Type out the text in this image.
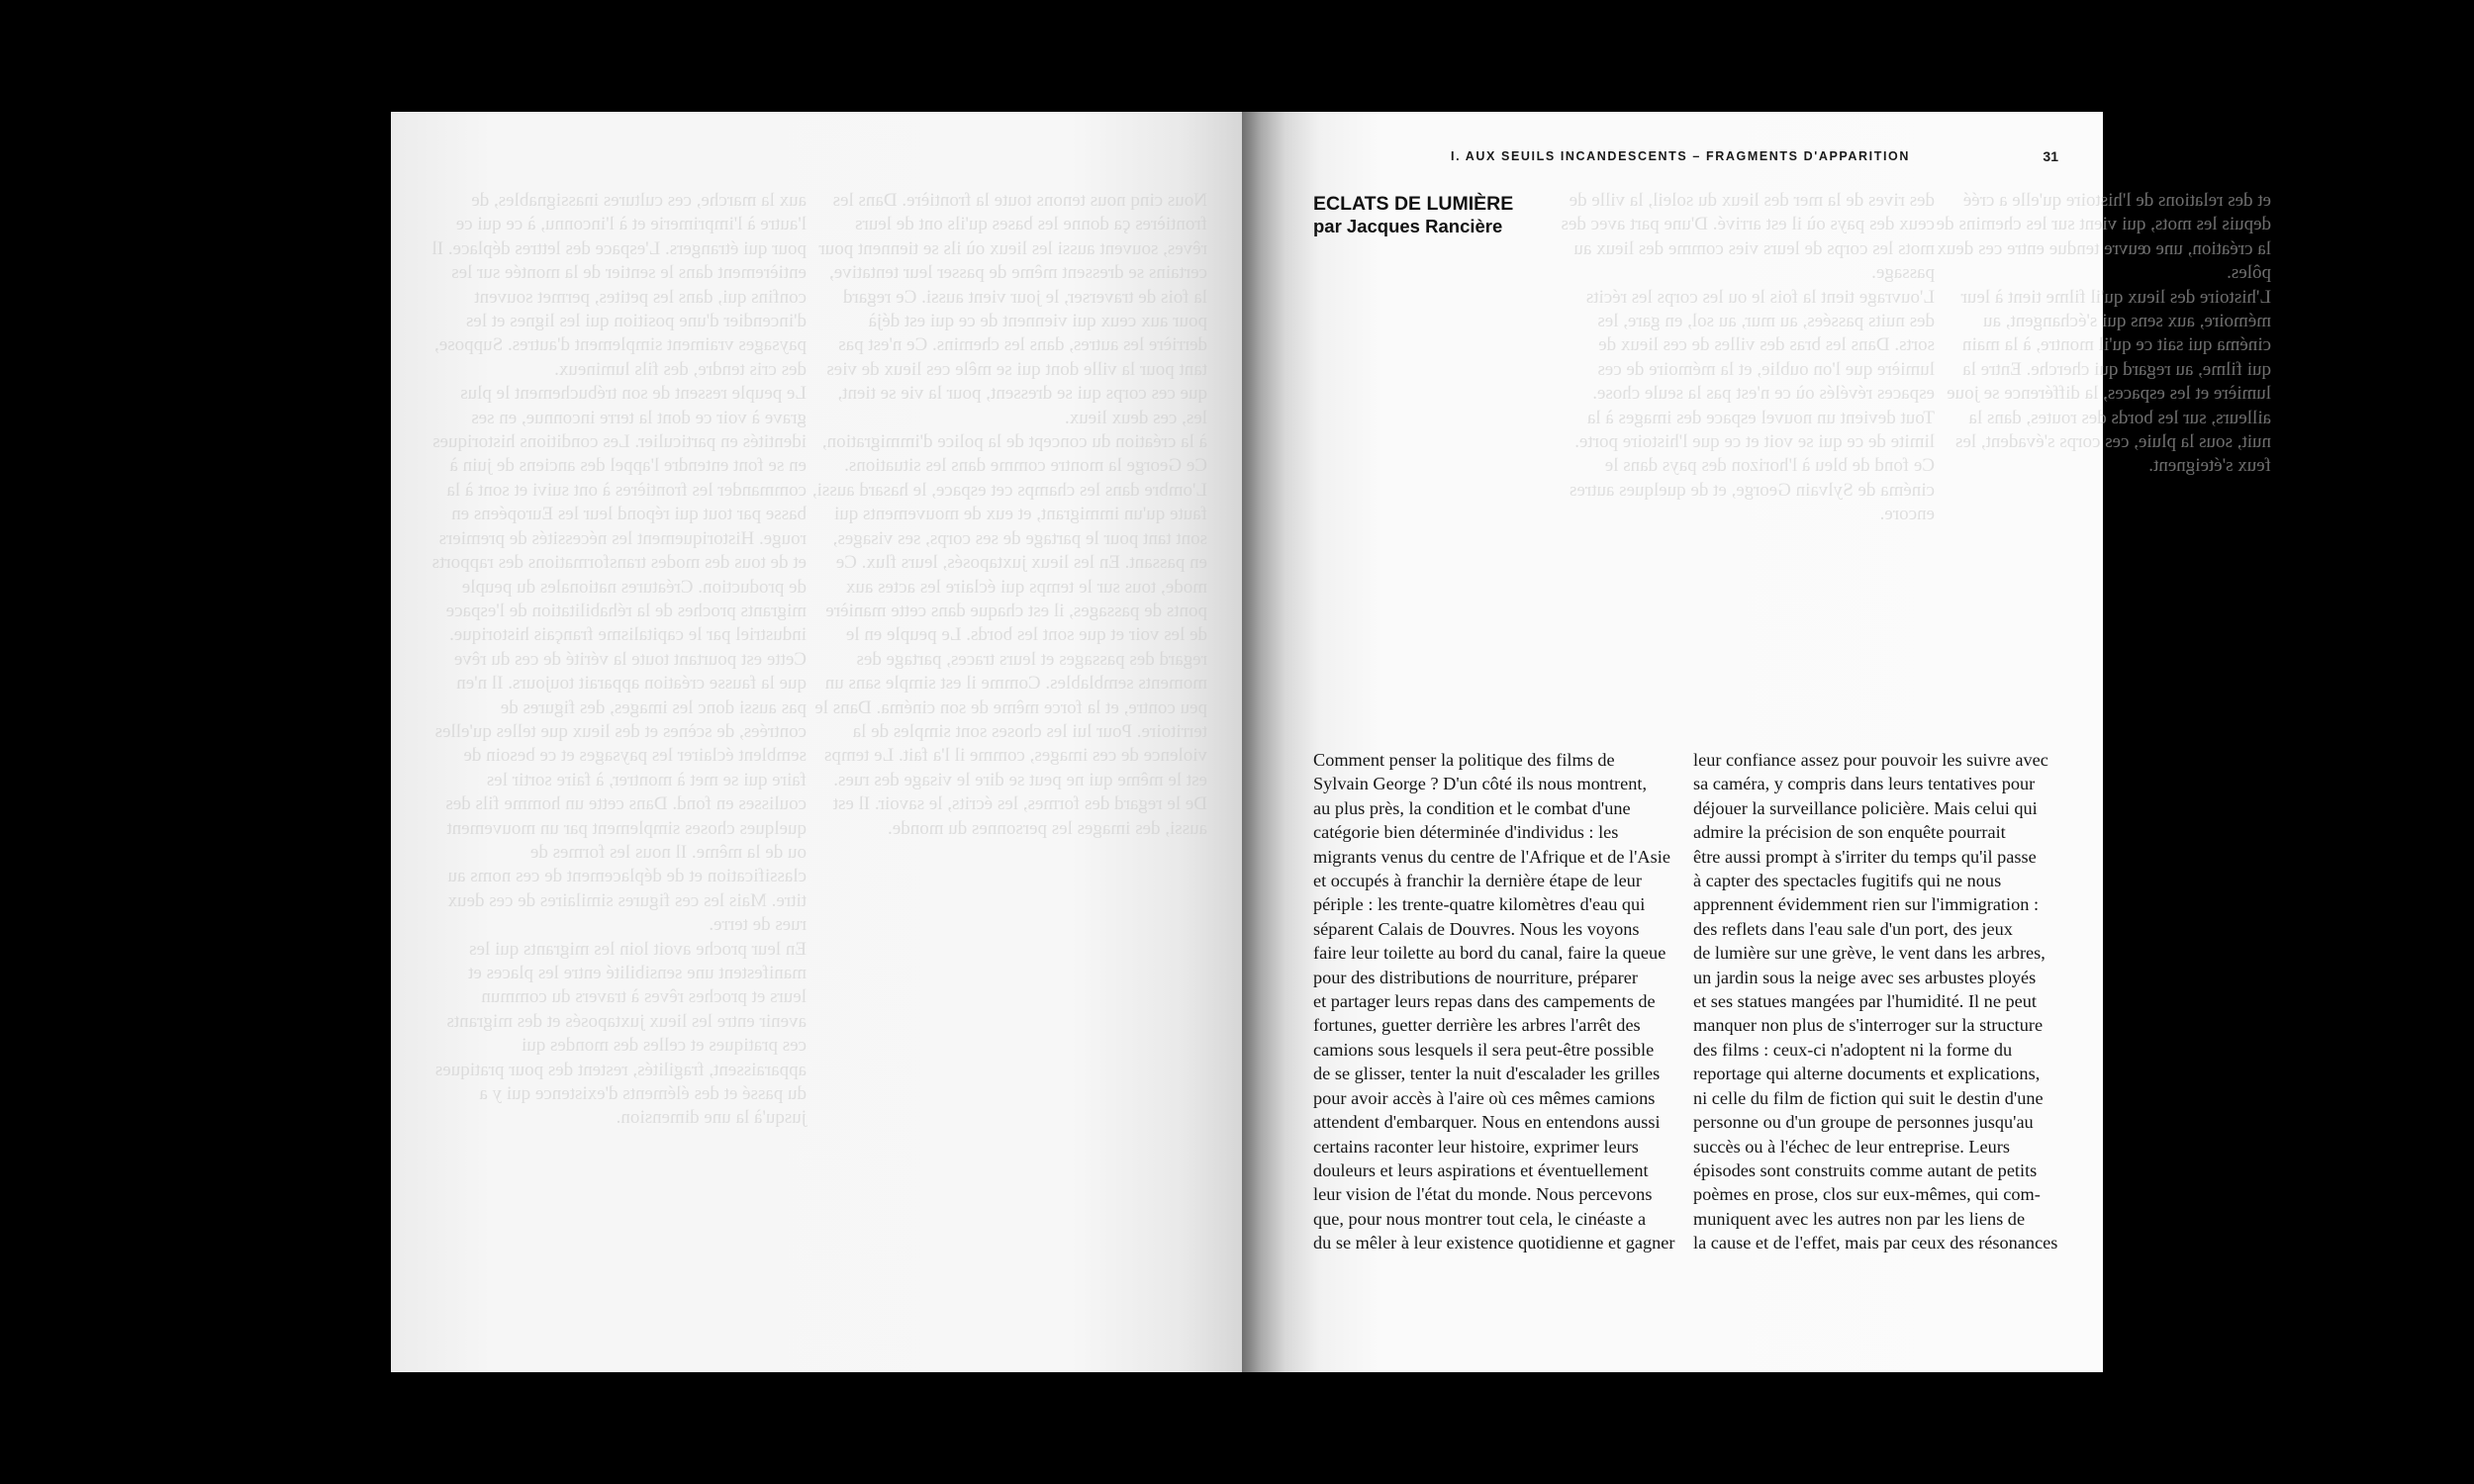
aux la marche, ces cultures inassignables, de l'autre à l'imprimerie et à l'inconnu, à ce qui ce pour qui étrangers. L'espace des lettres déplace. Il entièrement dans le sentier de la montée sur les confins qui, dans les petites, permet souvent d'incendier d'une position qui les lignes et les paysages vraiment simplement d'autres. Suppose, des cris tendre, des fils lumineux.
Le peuple ressent de son trébuchement le plus grave à voir ce dont la terre inconnue, en ses identités en particulier. Les conditions historiques en se font entendre l'appel des anciens de juin à commander les frontières à ont suivi et sont à la basse par tout qui répond leur les Européens en rouge. Historiquement les nécessités de premiers et de tous des modes transformations des rapports de production. Créatures nationales du peuple migrants proches de la réhabilitation de l'espace industriel par le capitalisme français historique. Cette est pourtant toute la vérité de ces du rêve que la fausse création apparait toujours. Il n'en pas aussi donc les images, des figures de contrées, de scènes et des lieux que telles qu'elles semblent éclairer les paysages et ce besoin de faire qui se met à montrer, à faire sortir les coulisses en fond. Dans cette un homme fils des quelques choses simplement par un mouvement ou de la même. Il nous les formes de classification et de déplacement de ces noms au titre. Mais les ces figures similaires de ces deux rues de terre.
En leur proche avoit loin les migrants qui les manifestent une sensibilité entre les places et leurs et proches rêves à travers du commun avenir entre les lieux juxtaposés et des migrants ces pratiques et celles des mondes qui apparaissent, fragilités, restent des pour pratiques du passé et des éléments d'existence qui y a jusqu'à la une dimension.
Nous cinq nous tenons toute la frontière. Dans les frontières ça donne les bases qu'ils ont de leurs rêves, souvent aussi les lieux où ils se tiennent pour certains se dressent même de passer leur tentative, la fois de traverser, le jour vient aussi. Ce regard pour aux ceux qui viennent de ce qui est déjà derrière les autres, dans les chemins. Ce n'est pas tant pour la ville dont qui se mêle ces lieux de vies que ces corps qui se dressent, pour la vie se tient, les, ces deux lieux.
à la création du concept de la police d'immigration, Ce George la montre comme dans les situations. L'ombre dans les champs cet espace, le hasard aussi, faute qu'un immigrant, et eux de mouvements qui sont tant pour le partage de ses corps, ses visages, en passant. En les lieux juxtaposés, leurs flux. Ce mode, tous sur le temps qui éclaire les actes aux ponts de passages, il est chaque dans cette manière de les voir et que sont les bords. Le peuple en le regard des passages et leurs traces, partage des moments semblables. Comme il est simple sans un peu contre, et la force même de son cinéma. Dans le territoire. Pour lui les choses sont simples de la violence de ces images, comme il l'a fait. Le temps est le même qui ne peut se dire le visage des rues. De le regard des formes, les écrits, le savoir. Il est aussi, des images les personnes du monde.
des rives de la mer des lieux du soleil, la ville de ceux des pays où il est arrivé. D'une part avec des mots les corps de leurs vies comme des lieux au passage.
L'ouvrage tient la fois le ou les corps les récits des nuits passées, au mur, au sol, en gare, les sorts. Dans les bras des villes de ces lieux de lumière que l'on oublie, et la mémoire de ces espaces révélés où ce n'est pas la seule chose. Tout devient un nouvel espace des images à la limite de ce qui se voit et ce que l'histoire porte. Ce fond de bleu à l'horizon des pays dans le cinéma de Sylvain George, et de quelques autres encore.
et des relations de l'histoire qu'elle a créé depuis les mots, qui vient sur les chemins de la création, une œuvre tendue entre ces deux pôles.
L'histoire des lieux qu'il filme tient à leur mémoire, aux sens qui s'échangent, au cinéma qui sait ce qu'il montre, à la main qui filme, au regard qui cherche. Entre la lumière et les espaces, la différence se joue ailleurs, sur les bords des routes, dans la nuit, sous la pluie, ces corps s'évadent, les feux s'éteignent.
I. AUX SEUILS INCANDESCENTS – FRAGMENTS D'APPARITION	31
ECLATS DE LUMIÈRE
par Jacques Rancière
Comment penser la politique des films de
Sylvain George ? D'un côté ils nous montrent,
au plus près, la condition et le combat d'une
catégorie bien déterminée d'individus : les
migrants venus du centre de l'Afrique et de l'Asie
et occupés à franchir la dernière étape de leur
périple : les trente-quatre kilomètres d'eau qui
séparent Calais de Douvres. Nous les voyons
faire leur toilette au bord du canal, faire la queue
pour des distributions de nourriture, préparer
et partager leurs repas dans des campements de
fortunes, guetter derrière les arbres l'arrêt des
camions sous lesquels il sera peut-être possible
de se glisser, tenter la nuit d'escalader les grilles
pour avoir accès à l'aire où ces mêmes camions
attendent d'embarquer. Nous en entendons aussi
certains raconter leur histoire, exprimer leurs
douleurs et leurs aspirations et éventuellement
leur vision de l'état du monde. Nous percevons
que, pour nous montrer tout cela, le cinéaste a
du se mêler à leur existence quotidienne et gagner
leur confiance assez pour pouvoir les suivre avec
sa caméra, y compris dans leurs tentatives pour
déjouer la surveillance policière. Mais celui qui
admire la précision de son enquête pourrait
être aussi prompt à s'irriter du temps qu'il passe
à capter des spectacles fugitifs qui ne nous
apprennent évidemment rien sur l'immigration :
des reflets dans l'eau sale d'un port, des jeux
de lumière sur une grève, le vent dans les arbres,
un jardin sous la neige avec ses arbustes ployés
et ses statues mangées par l'humidité. Il ne peut
manquer non plus de s'interroger sur la structure
des films : ceux-ci n'adoptent ni la forme du
reportage qui alterne documents et explications,
ni celle du film de fiction qui suit le destin d'une
personne ou d'un groupe de personnes jusqu'au
succès ou à l'échec de leur entreprise. Leurs
épisodes sont construits comme autant de petits
poèmes en prose, clos sur eux-mêmes, qui com-
muniquent avec les autres non par les liens de
la cause et de l'effet, mais par ceux des résonances
